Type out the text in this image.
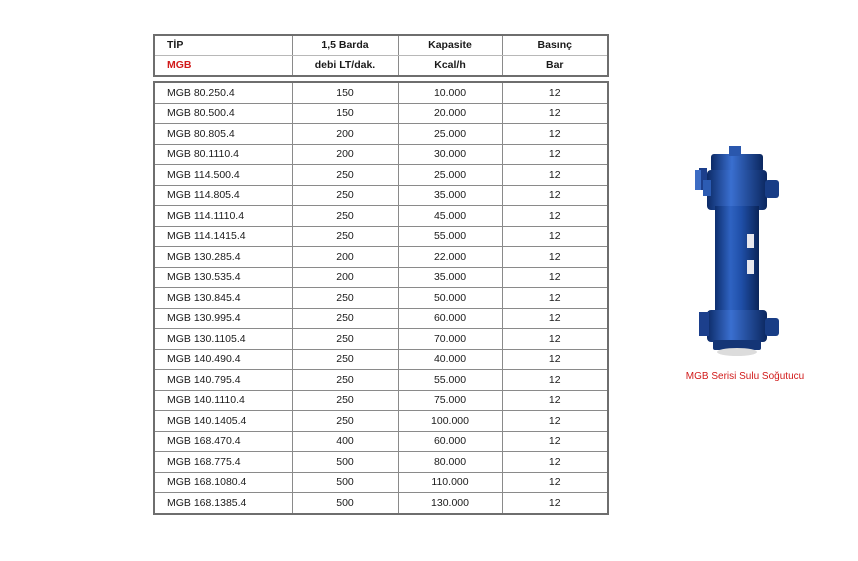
TİP	1,5 Barda	Kapasite	Basınç
MGB	debi LT/dak.	Kcal/h	Bar
MGB 80.250.4	150	10.000	12
MGB 80.500.4	150	20.000	12
MGB 80.805.4	200	25.000	12
MGB 80.1110.4	200	30.000	12
MGB 114.500.4	250	25.000	12
MGB 114.805.4	250	35.000	12
MGB 114.1110.4	250	45.000	12
MGB 114.1415.4	250	55.000	12
MGB 130.285.4	200	22.000	12
MGB 130.535.4	200	35.000	12
MGB 130.845.4	250	50.000	12
MGB 130.995.4	250	60.000	12
MGB 130.1105.4	250	70.000	12
MGB 140.490.4	250	40.000	12
MGB 140.795.4	250	55.000	12
MGB 140.1110.4	250	75.000	12
MGB 140.1405.4	250	100.000	12
MGB 168.470.4	400	60.000	12
MGB 168.775.4	500	80.000	12
MGB 168.1080.4	500	110.000	12
MGB 168.1385.4	500	130.000	12
MGB Serisi Sulu Soğutucu
